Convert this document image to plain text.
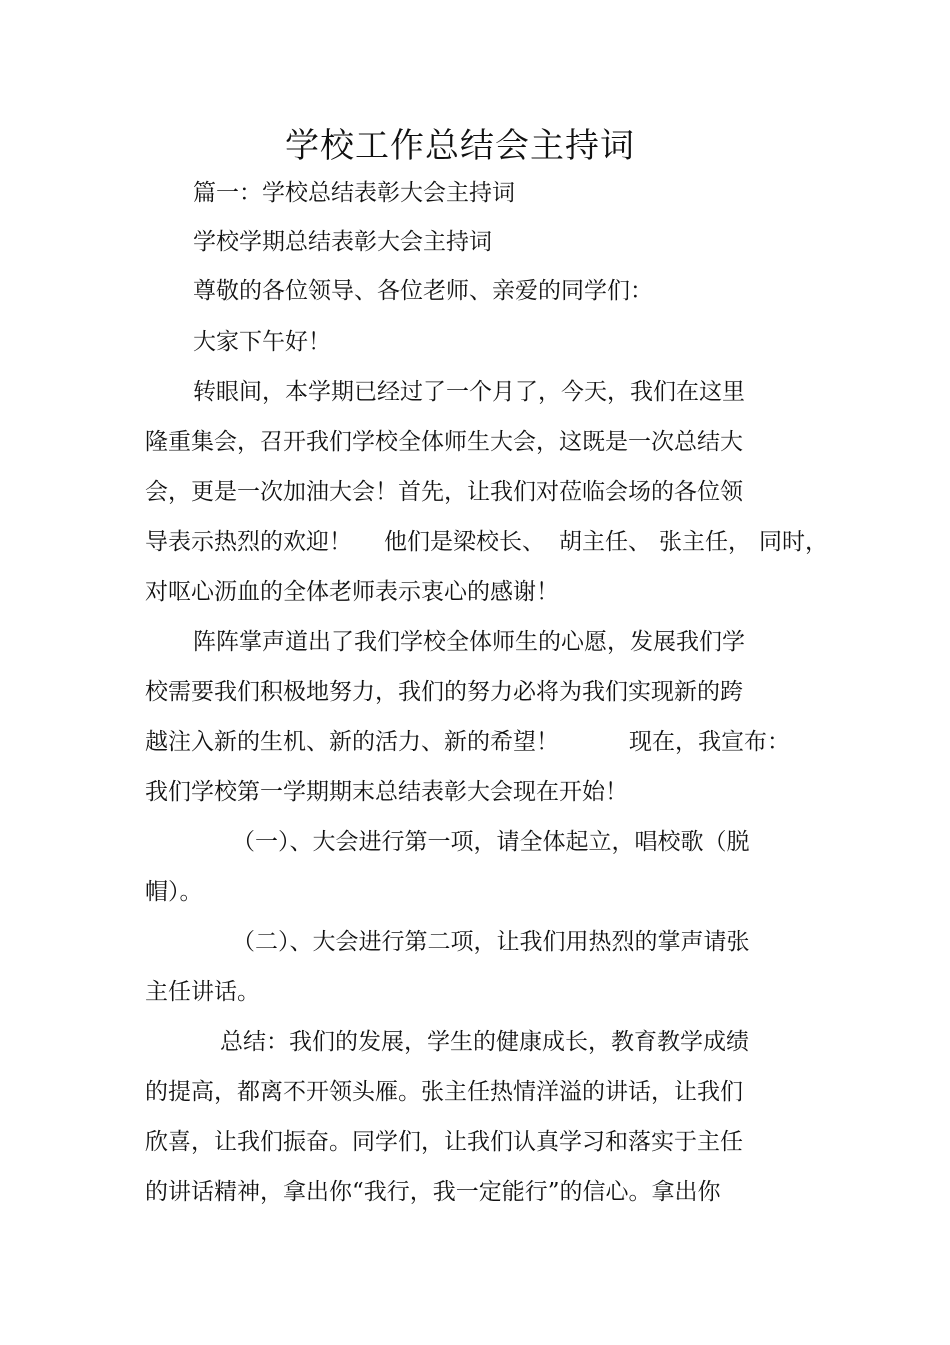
学校工作总结会主持词
篇一：学校总结表彰大会主持词
学校学期总结表彰大会主持词
尊敬的各位领导、各位老师、亲爱的同学们：
大家下午好！
转眼间，本学期已经过了一个月了，今天，我们在这里
隆重集会，召开我们学校全体师生大会，这既是一次总结大
会，更是一次加油大会！首先，让我们对莅临会场的各位领
导表示热烈的欢迎！ 他们是梁校长、 胡主任、 张主任， 同时，
对呕心沥血的全体老师表示衷心的感谢！
阵阵掌声道出了我们学校全体师生的心愿，发展我们学
校需要我们积极地努力，我们的努力必将为我们实现新的跨
越注入新的生机、新的活力、新的希望！	现在，我宣布：
我们学校第一学期期末总结表彰大会现在开始！
（一）、大会进行第一项，请全体起立，唱校歌（脱
帽）。
（二）、大会进行第二项，让我们用热烈的掌声请张
主任讲话。
总结：我们的发展，学生的健康成长，教育教学成绩
的提高，都离不开领头雁。张主任热情洋溢的讲话，让我们
欣喜，让我们振奋。同学们，让我们认真学习和落实于主任
的讲话精神，拿出你“我行，我一定能行”的信心。拿出你
